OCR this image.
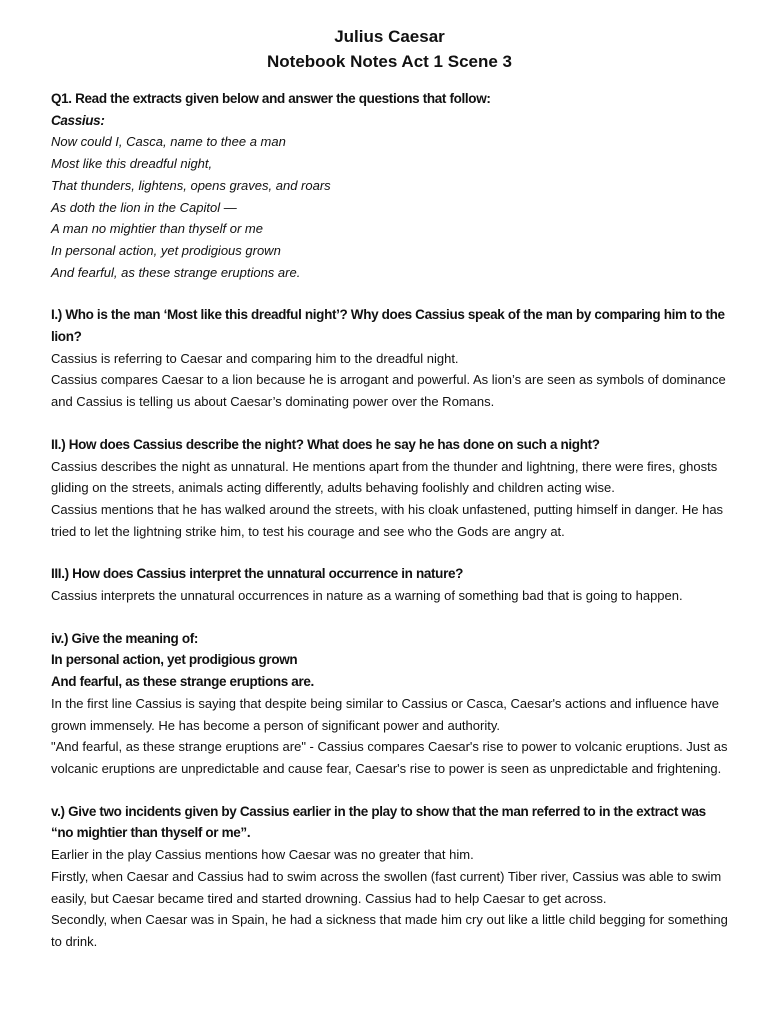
Julius Caesar
Notebook Notes Act 1 Scene 3
Q1. Read the extracts given below and answer the questions that follow:
Cassius:
Now could I, Casca, name to thee a man
Most like this dreadful night,
That thunders, lightens, opens graves, and roars
As doth the lion in the Capitol —
A man no mightier than thyself or me
In personal action, yet prodigious grown
And fearful, as these strange eruptions are.
I.) Who is the man ‘Most like this dreadful night’? Why does Cassius speak of the man by comparing him to the lion?
Cassius is referring to Caesar and comparing him to the dreadful night.
Cassius compares Caesar to a lion because he is arrogant and powerful. As lion’s are seen as symbols of dominance and Cassius is telling us about Caesar’s dominating power over the Romans.
II.) How does Cassius describe the night? What does he say he has done on such a night?
Cassius describes the night as unnatural. He mentions apart from the thunder and lightning, there were fires, ghosts gliding on the streets, animals acting differently, adults behaving foolishly and children acting wise.
Cassius mentions that he has walked around the streets, with his cloak unfastened, putting himself in danger. He has tried to let the lightning strike him, to test his courage and see who the Gods are angry at.
III.) How does Cassius interpret the unnatural occurrence in nature?
Cassius interprets the unnatural occurrences in nature as a warning of something bad that is going to happen.
iv.) Give the meaning of:
In personal action, yet prodigious grown
And fearful, as these strange eruptions are.
In the first line Cassius is saying that despite being similar to Cassius or Casca, Caesar's actions and influence have grown immensely. He has become a person of significant power and authority.
"And fearful, as these strange eruptions are" - Cassius compares Caesar's rise to power to volcanic eruptions. Just as volcanic eruptions are unpredictable and cause fear, Caesar's rise to power is seen as unpredictable and frightening.
v.) Give two incidents given by Cassius earlier in the play to show that the man referred to in the extract was “no mightier than thyself or me”.
Earlier in the play Cassius mentions how Caesar was no greater that him.
Firstly, when Caesar and Cassius had to swim across the swollen (fast current) Tiber river, Cassius was able to swim easily, but Caesar became tired and started drowning. Cassius had to help Caesar to get across.
Secondly, when Caesar was in Spain, he had a sickness that made him cry out like a little child begging for something to drink.
